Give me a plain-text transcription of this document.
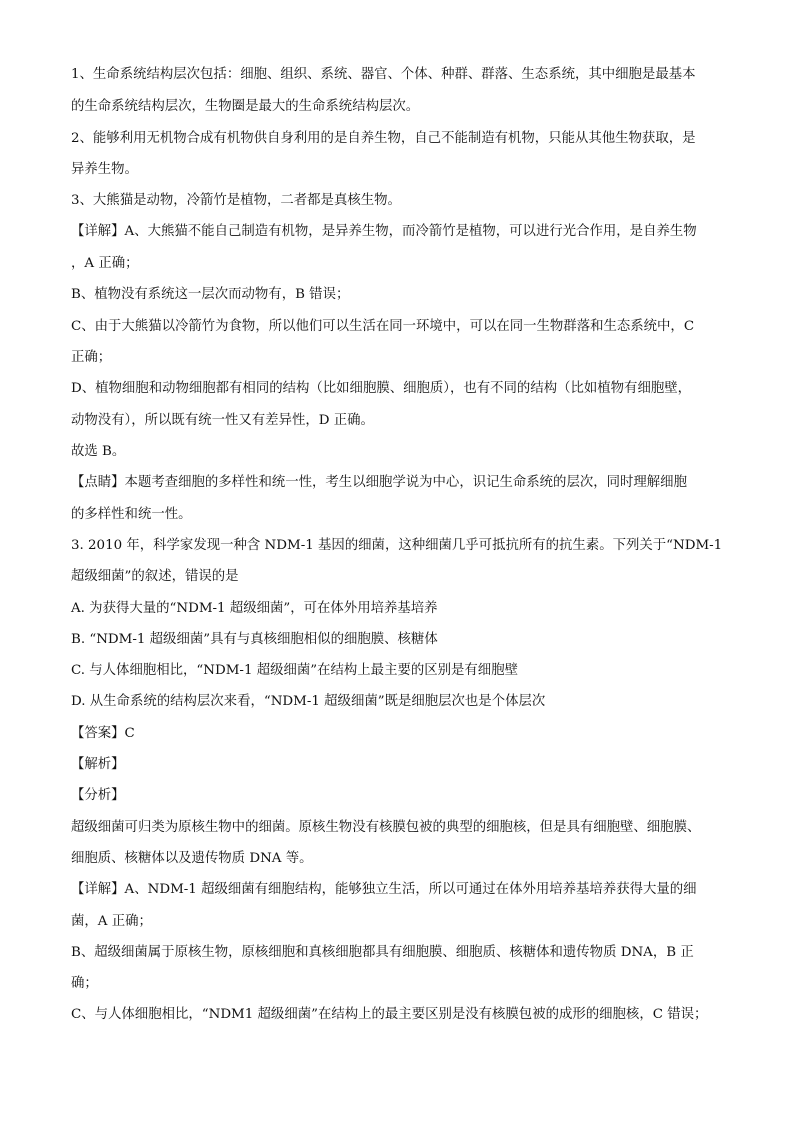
1、生命系统结构层次包括：细胞、组织、系统、器官、个体、种群、群落、生态系统，其中细胞是最基本
的生命系统结构层次，生物圈是最大的生命系统结构层次。
2、能够利用无机物合成有机物供自身利用的是自养生物，自己不能制造有机物，只能从其他生物获取，是
异养生物。
3、大熊猫是动物，冷箭竹是植物，二者都是真核生物。
【详解】A、大熊猫不能自己制造有机物，是异养生物，而冷箭竹是植物，可以进行光合作用，是自养生物
，A 正确；
B、植物没有系统这一层次而动物有，B 错误；
C、由于大熊猫以冷箭竹为食物，所以他们可以生活在同一环境中，可以在同一生物群落和生态系统中，C
正确；
D、植物细胞和动物细胞都有相同的结构（比如细胞膜、细胞质），也有不同的结构（比如植物有细胞壁，
动物没有），所以既有统一性又有差异性，D 正确。
故选 B。
【点睛】本题考查细胞的多样性和统一性，考生以细胞学说为中心，识记生命系统的层次，同时理解细胞
的多样性和统一性。
3. 2010 年，科学家发现一种含 NDM-1 基因的细菌，这种细菌几乎可抵抗所有的抗生素。下列关于“NDM-1
超级细菌”的叙述，错误的是
A. 为获得大量的“NDM-1 超级细菌”，可在体外用培养基培养
B. “NDM-1 超级细菌”具有与真核细胞相似的细胞膜、核糖体
C. 与人体细胞相比，“NDM-1 超级细菌”在结构上最主要的区别是有细胞壁
D. 从生命系统的结构层次来看，“NDM-1 超级细菌”既是细胞层次也是个体层次
【答案】C
【解析】
【分析】
超级细菌可归类为原核生物中的细菌。原核生物没有核膜包被的典型的细胞核，但是具有细胞壁、细胞膜、
细胞质、核糖体以及遗传物质 DNA 等。
【详解】A、NDM-1 超级细菌有细胞结构，能够独立生活，所以可通过在体外用培养基培养获得大量的细
菌，A 正确；
B、超级细菌属于原核生物，原核细胞和真核细胞都具有细胞膜、细胞质、核糖体和遗传物质 DNA，B 正
确；
C、与人体细胞相比，“NDM1 超级细菌”在结构上的最主要区别是没有核膜包被的成形的细胞核，C 错误；
